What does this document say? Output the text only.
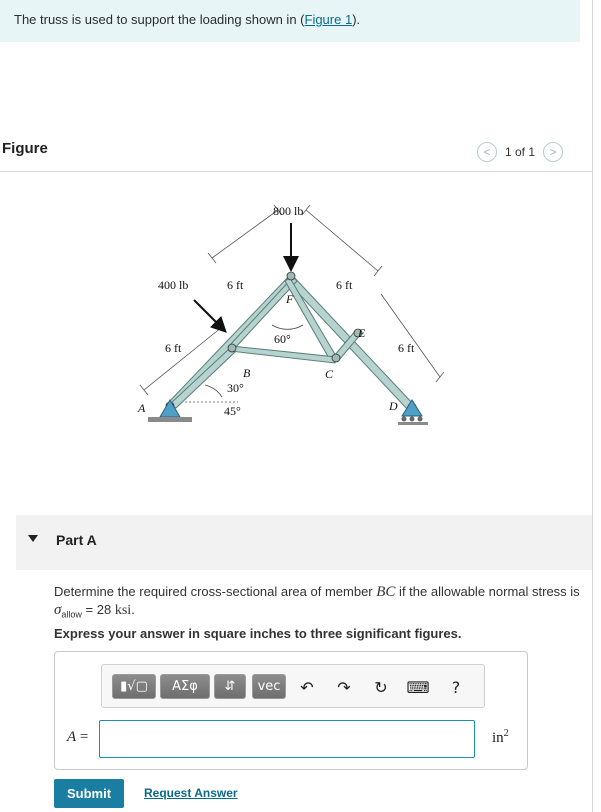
The truss is used to support the loading shown in (Figure 1).
Figure	< 1 of 1 >
800 lb
400 lb	6 ft	6 ft
6 ft	6 ft
60°
30°
45°
A
B	C
D
E
F
Part A
Determine the required cross-sectional area of member BC if the allowable normal stress is
$\sigma_{allow} = 28$ ksi.
Express your answer in square inches to three significant figures.
▮√▢ ΑΣφ ⇵ vec ↶ ↷ ↻ ⌨	?
A =	$in^2$
Submit	Request Answer
